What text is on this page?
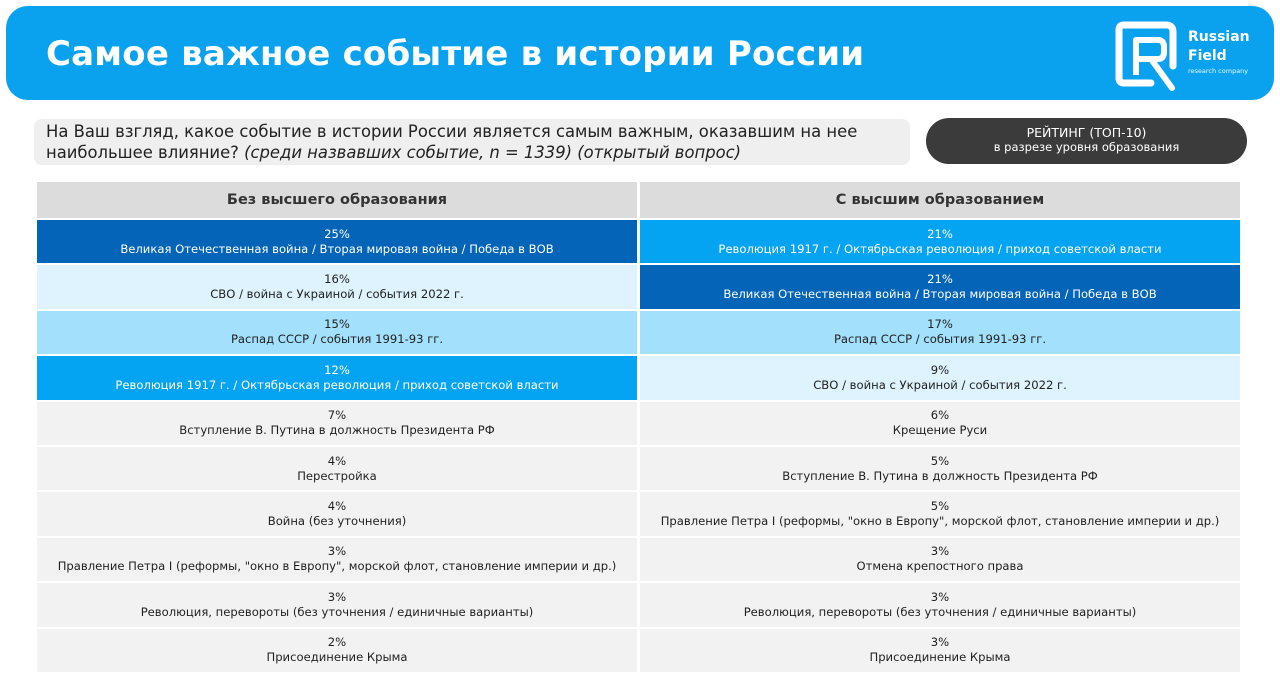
Самое важное событие в истории России	Russian
Field
research company
На Ваш взгляд, какое событие в истории России является самым важным, оказавшим на нее
наибольшее влияние? (среди назвавших событие, n = 1339) (открытый вопрос)
РЕЙТИНГ (ТОП-10)
в разрезе уровня образования
Без высшего образования
25%
Великая Отечественная война / Вторая мировая война / Победа в ВОВ
16%
СВО / война с Украиной / события 2022 г.
15%
Распад СССР / события 1991-93 гг.
12%
Революция 1917 г. / Октябрьская революция / приход советской власти
7%
Вступление В. Путина в должность Президента РФ
4%
Перестройка
4%
Война (без уточнения)
3%
Правление Петра I (реформы, "окно в Европу", морской флот, становление империи и др.)
3%
Революция, перевороты (без уточнения / единичные варианты)
2%
Присоединение Крыма
С высшим образованием
21%
Революция 1917 г. / Октябрьская революция / приход советской власти
21%
Великая Отечественная война / Вторая мировая война / Победа в ВОВ
17%
Распад СССР / события 1991-93 гг.
9%
СВО / война с Украиной / события 2022 г.
6%
Крещение Руси
5%
Вступление В. Путина в должность Президента РФ
5%
Правление Петра I (реформы, "окно в Европу", морской флот, становление империи и др.)
3%
Отмена крепостного права
3%
Революция, перевороты (без уточнения / единичные варианты)
3%
Присоединение Крыма
